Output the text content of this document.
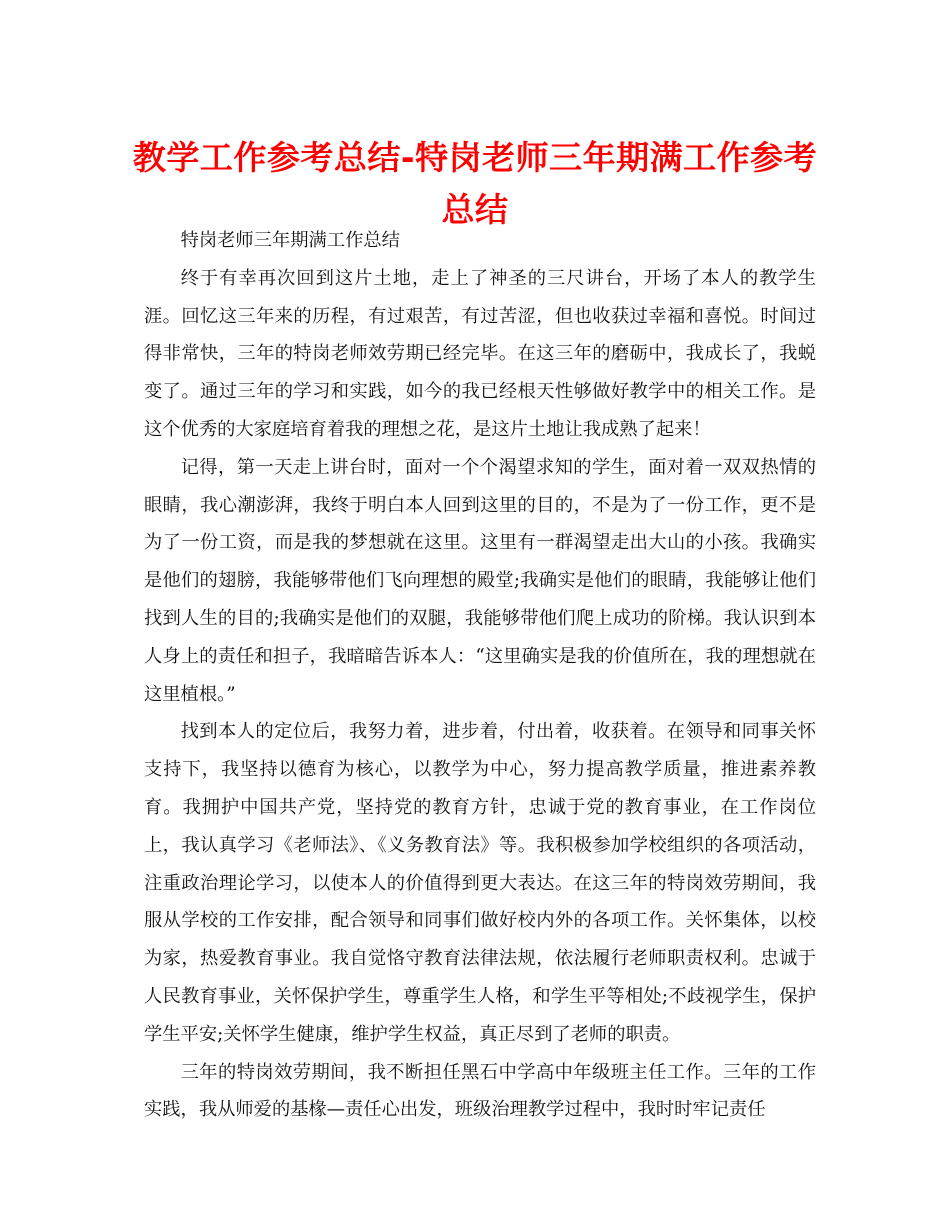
教学工作参考总结-特岗老师三年期满工作参考总结

特岗老师三年期满工作总结

终于有幸再次回到这片土地，走上了神圣的三尺讲台，开场了本人的教学生涯。回忆这三年来的历程，有过艰苦，有过苦涩，但也收获过幸福和喜悦。时间过得非常快，三年的特岗老师效劳期已经完毕。在这三年的磨砺中，我成长了，我蜕变了。通过三年的学习和实践，如今的我已经根天性够做好教学中的相关工作。是这个优秀的大家庭培育着我的理想之花，是这片土地让我成熟了起来！

记得，第一天走上讲台时，面对一个个渴望求知的学生，面对着一双双热情的眼睛，我心潮澎湃，我终于明白本人回到这里的目的，不是为了一份工作，更不是为了一份工资，而是我的梦想就在这里。这里有一群渴望走出大山的小孩。我确实是他们的翅膀，我能够带他们飞向理想的殿堂;我确实是他们的眼睛，我能够让他们找到人生的目的;我确实是他们的双腿，我能够带他们爬上成功的阶梯。我认识到本人身上的责任和担子，我暗暗告诉本人：“这里确实是我的价值所在，我的理想就在这里植根。”

找到本人的定位后，我努力着，进步着，付出着，收获着。在领导和同事关怀支持下，我坚持以德育为核心，以教学为中心，努力提高教学质量，推进素养教育。我拥护中国共产党，坚持党的教育方针，忠诚于党的教育事业，在工作岗位上，我认真学习《老师法》、《义务教育法》等。我积极参加学校组织的各项活动，注重政治理论学习，以使本人的价值得到更大表达。在这三年的特岗效劳期间，我服从学校的工作安排，配合领导和同事们做好校内外的各项工作。关怀集体，以校为家，热爱教育事业。我自觉恪守教育法律法规，依法履行老师职责权利。忠诚于人民教育事业，关怀保护学生，尊重学生人格，和学生平等相处;不歧视学生，保护学生平安;关怀学生健康，维护学生权益，真正尽到了老师的职责。

三年的特岗效劳期间，我不断担任黑石中学高中年级班主任工作。三年的工作实践，我从师爱的基椽—责任心出发，班级治理教学过程中，我时时牢记责任
